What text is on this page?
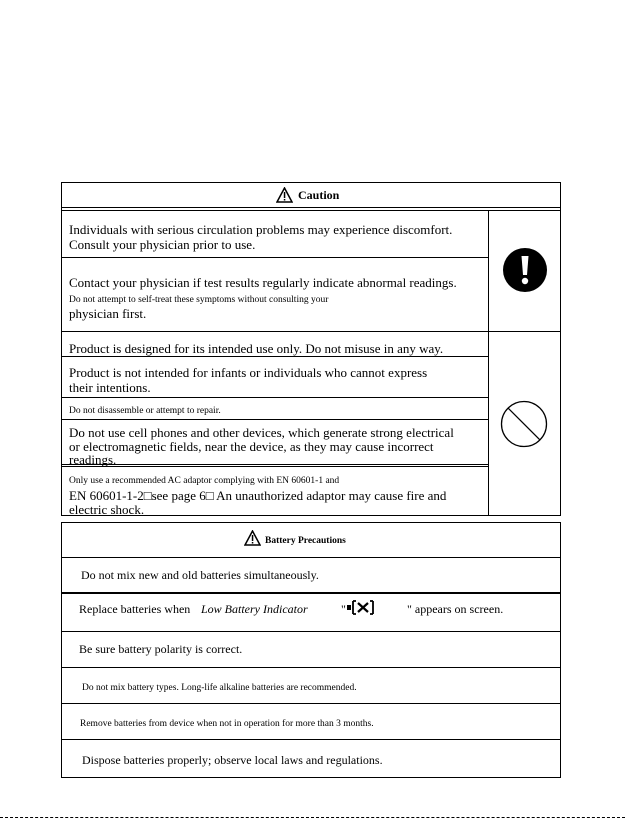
Caution
Individuals with serious circulation problems may experience discomfort.
Consult your physician prior to use.
Contact your physician if test results regularly indicate abnormal readings.
Do not attempt to self-treat these symptoms without consulting your
physician first.
Product is designed for its intended use only. Do not misuse in any way.
Product is not intended for infants or individuals who cannot express
their intentions.
Do not disassemble or attempt to repair.
Do not use cell phones and other devices, which generate strong electrical
or electromagnetic fields, near the device, as they may cause incorrect
readings.
Only use a recommended AC adaptor complying with EN 60601-1 and
EN 60601-1-2□see page 6□ An unauthorized adaptor may cause fire and
electric shock.
Battery Precautions
Do not mix new and old batteries simultaneously.
Replace batteries when Low Battery Indicator	"	" appears on screen.
Be sure battery polarity is correct.
Do not mix battery types. Long-life alkaline batteries are recommended.
Remove batteries from device when not in operation for more than 3 months.
Dispose batteries properly; observe local laws and regulations.
